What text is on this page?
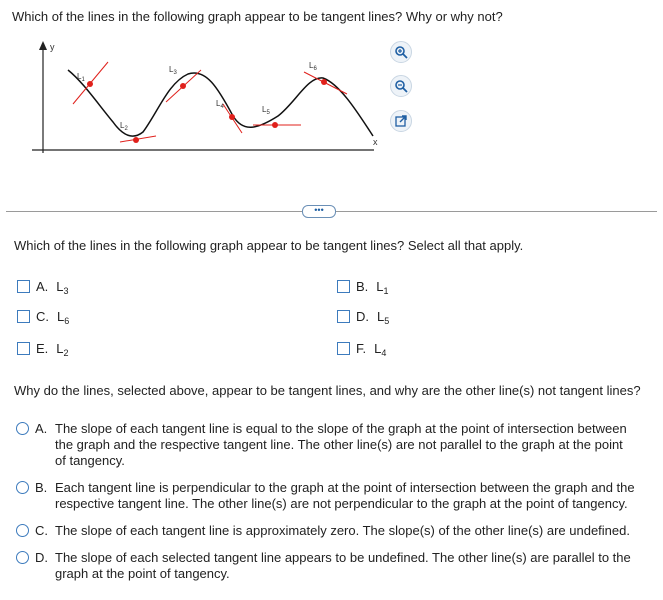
Which of the lines in the following graph appear to be tangent lines? Why or why not?
y
x
$L_1$
$L_2$
$L_3$
$L_4$	$L_5$
$L_6$
•••
Which of the lines in the following graph appear to be tangent lines? Select all that apply.
A. L 3	B. L 1
C. L 6	D. L 5
E. L 2	F. L 4
Why do the lines, selected above, appear to be tangent lines, and why are the other line(s) not tangent lines?
A. The slope of each tangent line is equal to the slope of the graph at the point of intersection between the graph and the respective tangent line. The other line(s) are not parallel to the graph at the point of tangency.
B. Each tangent line is perpendicular to the graph at the point of intersection between the graph and the respective tangent line. The other line(s) are not perpendicular to the graph at the point of tangency.
C. The slope of each tangent line is approximately zero. The slope(s) of the other line(s) are undefined.
D. The slope of each selected tangent line appears to be undefined. The other line(s) are parallel to the graph at the point of tangency.
